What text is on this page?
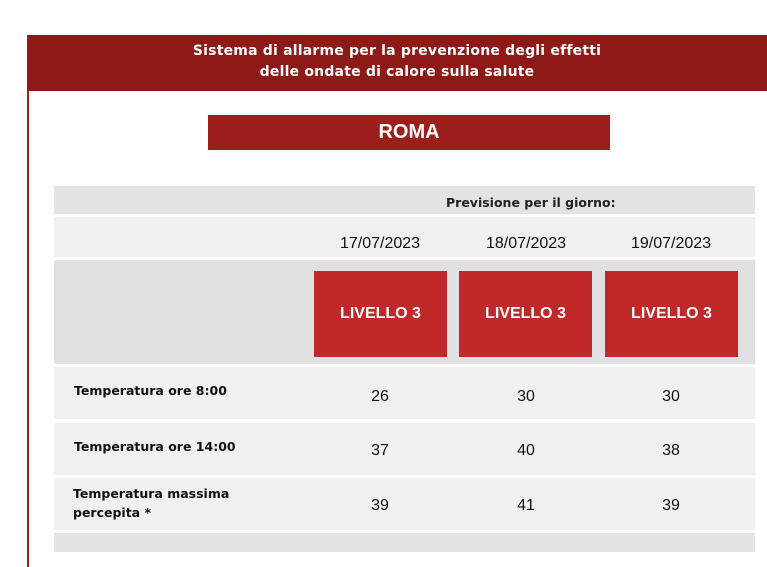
Sistema di allarme per la prevenzione degli effetti
delle ondate di calore sulla salute
ROMA
Previsione per il giorno:
17/07/2023	18/07/2023	19/07/2023
LIVELLO 3	LIVELLO 3	LIVELLO 3
Temperatura ore 8:00	26	30	30
Temperatura ore 14:00	37	40	38
Temperatura massima
percepita *	39	41	39
